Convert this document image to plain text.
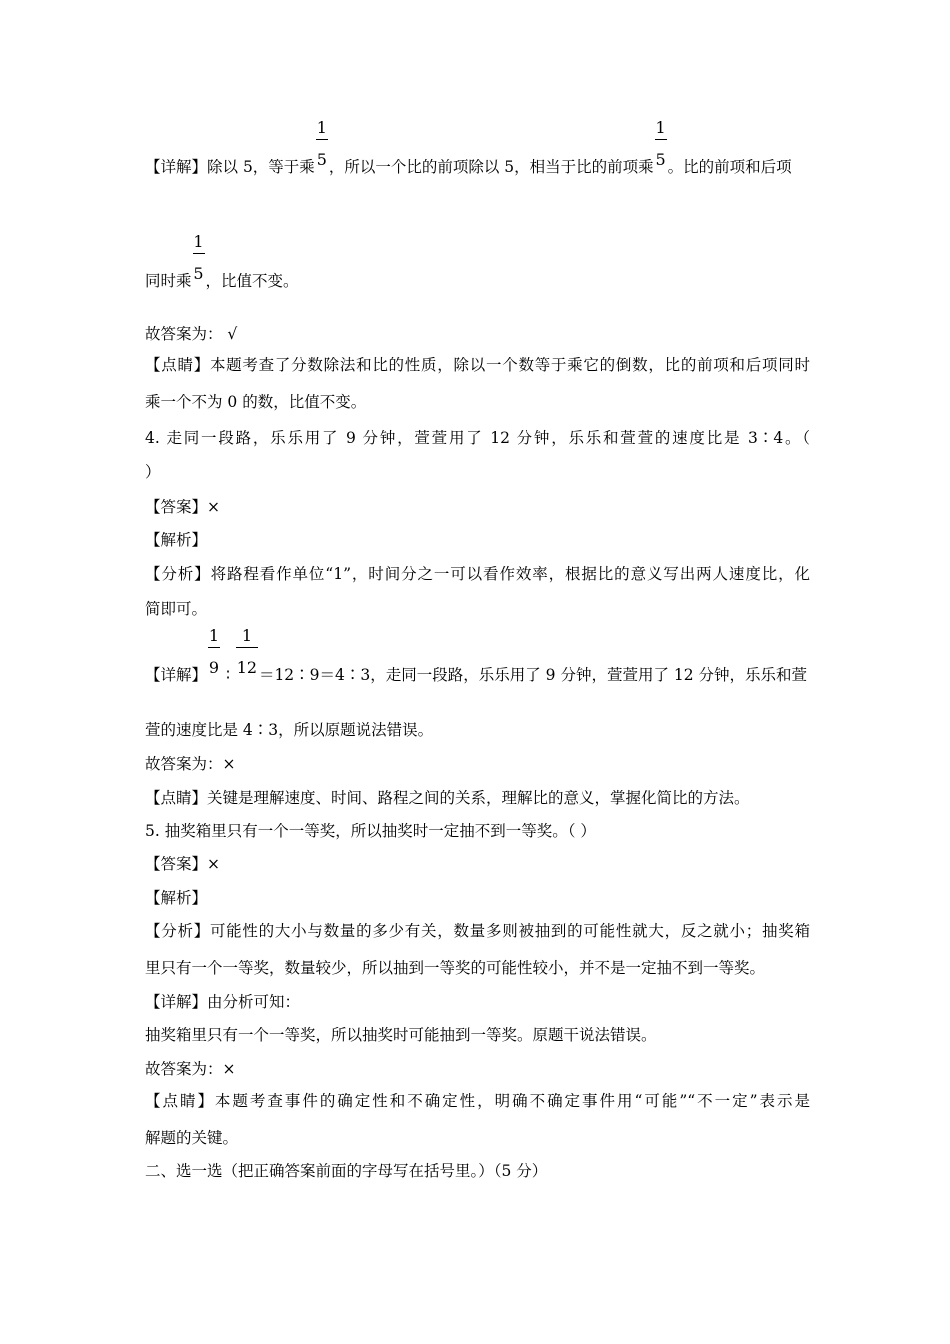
【详解】除以 5，等于乘 $\frac{1}{5}$ ，所以一个比的前项除以 5，相当于比的前项乘 $\frac{1}{5}$ 。比的前项和后项
同时乘 $\frac{1}{5}$ ，比值不变。
故答案为： √
【点睛】本题考查了分数除法和比的性质，除以一个数等于乘它的倒数，比的前项和后项同时
乘一个不为 0 的数，比值不变。
4. 走同一段路，乐乐用了 9 分钟，萱萱用了 12 分钟，乐乐和萱萱的速度比是 3∶4。（
）
【答案】×
【解析】
【分析】将路程看作单位“1”，时间分之一可以看作效率，根据比的意义写出两人速度比，化
简即可。
【详解】 $\frac{1}{9}$ ∶ $\frac{1}{12}$ ＝12∶9＝4∶3，走同一段路，乐乐用了 9 分钟，萱萱用了 12 分钟，乐乐和萱
萱的速度比是 4∶3，所以原题说法错误。
故答案为：×
【点睛】关键是理解速度、时间、路程之间的关系，理解比的意义，掌握化简比的方法。
5. 抽奖箱里只有一个一等奖，所以抽奖时一定抽不到一等奖。（ ）
【答案】×
【解析】
【分析】可能性的大小与数量的多少有关，数量多则被抽到的可能性就大，反之就小；抽奖箱
里只有一个一等奖，数量较少，所以抽到一等奖的可能性较小，并不是一定抽不到一等奖。
【详解】由分析可知：
抽奖箱里只有一个一等奖，所以抽奖时可能抽到一等奖。原题干说法错误。
故答案为：×
【点睛】本题考查事件的确定性和不确定性，明确不确定事件用“可能”“不一定”表示是
解题的关键。
二、选一选（把正确答案前面的字母写在括号里。）（5 分）
